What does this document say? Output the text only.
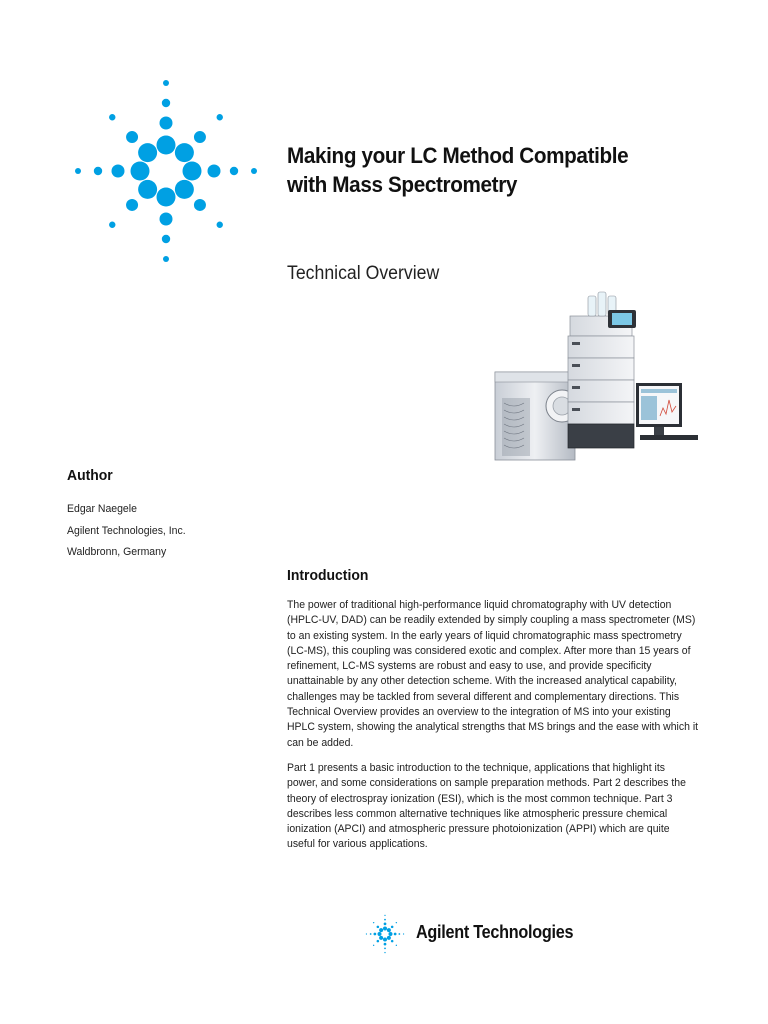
Making your LC Method Compatible
with Mass Spectrometry
Technical Overview
Author
Edgar Naegele
Agilent Technologies, Inc.
Waldbronn, Germany
Introduction
The power of traditional high-performance liquid chromatography with UV detection (HPLC-UV, DAD) can be readily extended by simply coupling a mass spectrometer (MS) to an existing system. In the early years of liquid chromatographic mass spectrometry (LC-MS), this coupling was considered exotic and complex. After more than 15 years of refinement, LC-MS systems are robust and easy to use, and provide specificity unattainable by any other detection scheme. With the increased analytical capability, challenges may be tackled from several different and complementary directions. This Technical Overview provides an overview to the integration of MS into your existing HPLC system, showing the analytical strengths that MS brings and the ease with which it can be added.
Part 1 presents a basic introduction to the technique, applications that highlight its power, and some considerations on sample preparation methods. Part 2 describes the theory of electrospray ionization (ESI), which is the most common technique. Part 3 describes less common alternative techniques like atmospheric pressure chemical ionization (APCI) and atmospheric pressure photoionization (APPI) which are quite useful for various applications.
Agilent Technologies
